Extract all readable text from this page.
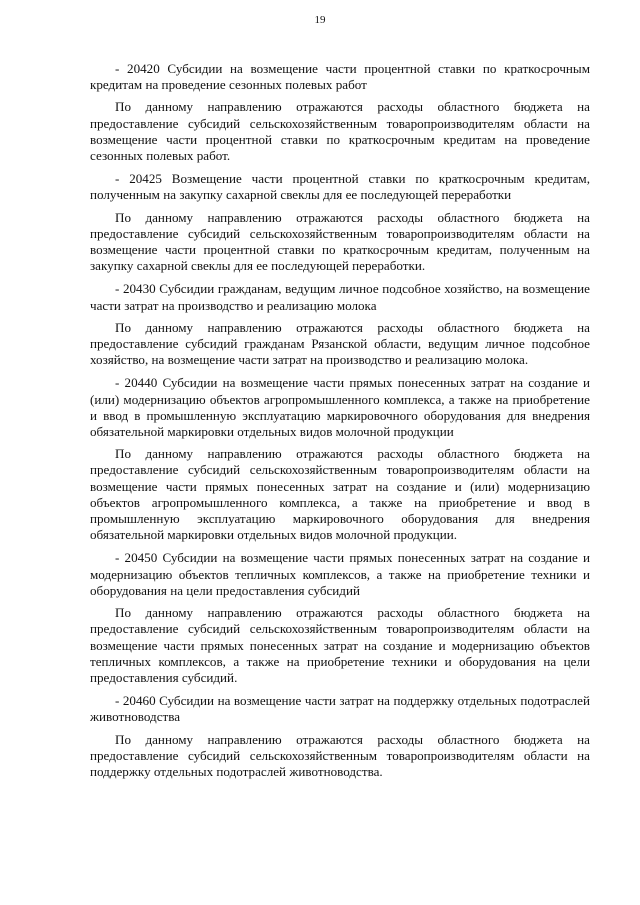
19

- 20420 Субсидии на возмещение части процентной ставки по краткосрочным кредитам на проведение сезонных полевых работ

По данному направлению отражаются расходы областного бюджета на предоставление субсидий сельскохозяйственным товаропроизводителям области на возмещение части процентной ставки по краткосрочным кредитам на проведение сезонных полевых работ.

- 20425 Возмещение части процентной ставки по краткосрочным кредитам, полученным на закупку сахарной свеклы для ее последующей переработки

По данному направлению отражаются расходы областного бюджета на предоставление субсидий сельскохозяйственным товаропроизводителям области на возмещение части процентной ставки по краткосрочным кредитам, полученным на закупку сахарной свеклы для ее последующей переработки.

- 20430 Субсидии гражданам, ведущим личное подсобное хозяйство, на возмещение части затрат на производство и реализацию молока

По данному направлению отражаются расходы областного бюджета на предоставление субсидий гражданам Рязанской области, ведущим личное подсобное хозяйство, на возмещение части затрат на производство и реализацию молока.

- 20440 Субсидии на возмещение части прямых понесенных затрат на создание и (или) модернизацию объектов агропромышленного комплекса, а также на приобретение и ввод в промышленную эксплуатацию маркировочного оборудования для внедрения обязательной маркировки отдельных видов молочной продукции

По данному направлению отражаются расходы областного бюджета на предоставление субсидий сельскохозяйственным товаропроизводителям области на возмещение части прямых понесенных затрат на создание и (или) модернизацию объектов агропромышленного комплекса, а также на приобретение и ввод в промышленную эксплуатацию маркировочного оборудования для внедрения обязательной маркировки отдельных видов молочной продукции.

- 20450 Субсидии на возмещение части прямых понесенных затрат на создание и модернизацию объектов тепличных комплексов, а также на приобретение техники и оборудования на цели предоставления субсидий

По данному направлению отражаются расходы областного бюджета на предоставление субсидий сельскохозяйственным товаропроизводителям области на возмещение части прямых понесенных затрат на создание и модернизацию объектов тепличных комплексов, а также на приобретение техники и оборудования на цели предоставления субсидий.

- 20460 Субсидии на возмещение части затрат на поддержку отдельных подотраслей животноводства

По данному направлению отражаются расходы областного бюджета на предоставление субсидий сельскохозяйственным товаропроизводителям области на поддержку отдельных подотраслей животноводства.
